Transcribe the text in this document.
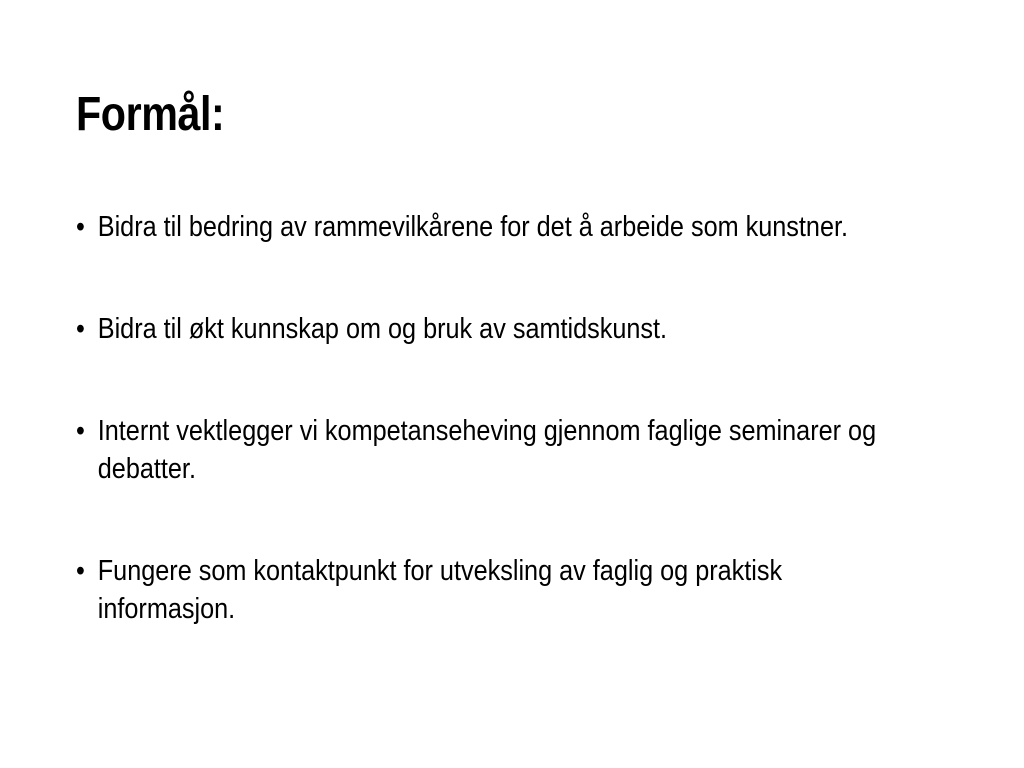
Formål:
• Bidra til bedring av rammevilkårene for det å arbeide som kunstner.
• Bidra til økt kunnskap om og bruk av samtidskunst.
• Internt vektlegger vi kompetanseheving gjennom faglige seminarer og debatter.
• Fungere som kontaktpunkt for utveksling av faglig og praktisk informasjon.
